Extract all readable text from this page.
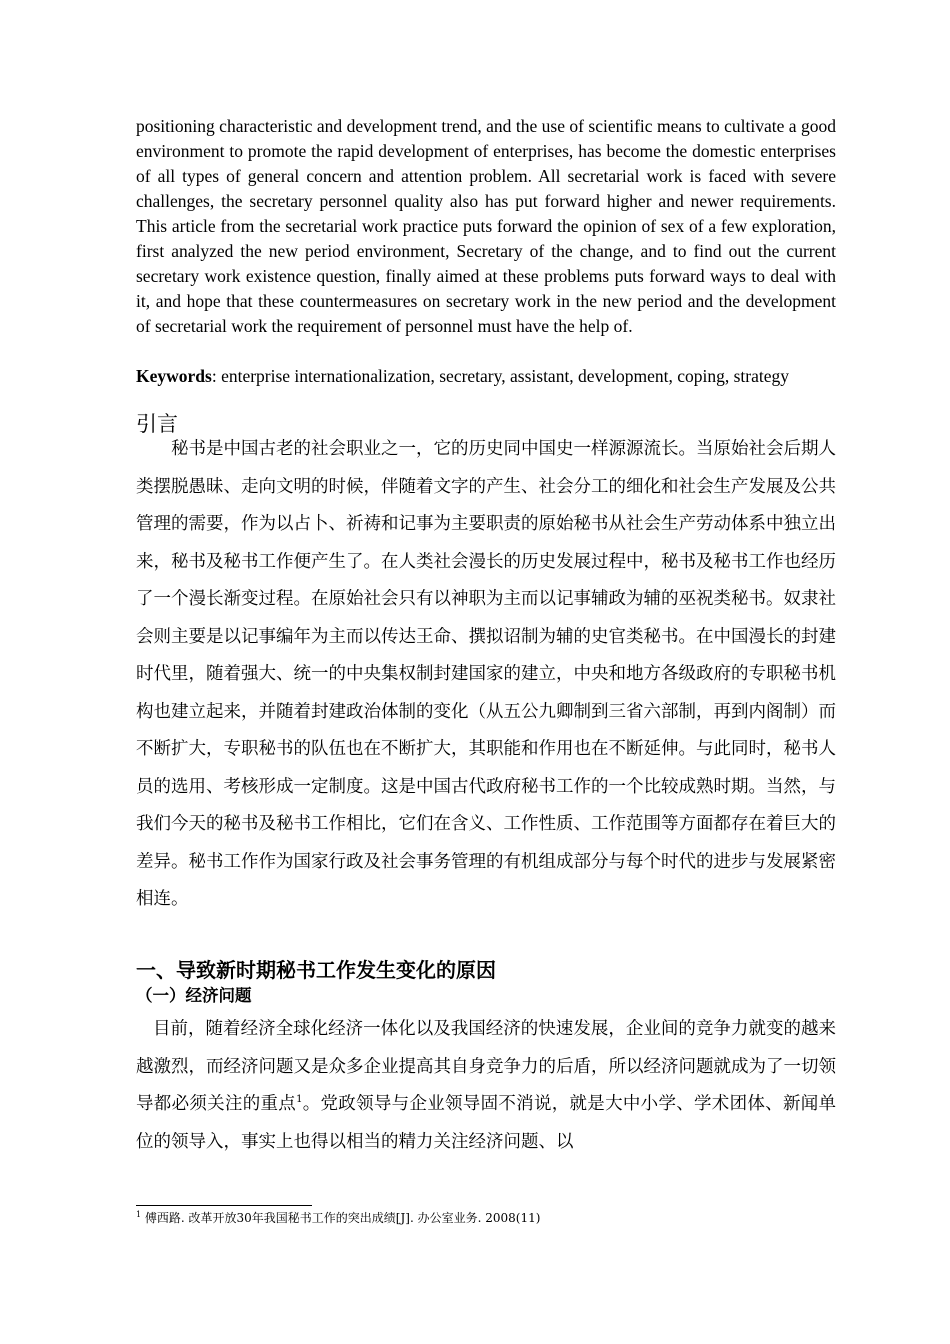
positioning characteristic and development trend, and the use of scientific means to cultivate a good environment to promote the rapid development of enterprises, has become the domestic enterprises of all types of general concern and attention problem. All secretarial work is faced with severe challenges, the secretary personnel quality also has put forward higher and newer requirements. This article from the secretarial work practice puts forward the opinion of sex of a few exploration, first analyzed the new period environment, Secretary of the change, and to find out the current secretary work existence question, finally aimed at these problems puts forward ways to deal with it, and hope that these countermeasures on secretary work in the new period and the development of secretarial work the requirement of personnel must have the help of.

Keywords: enterprise internationalization, secretary, assistant, development, coping, strategy

引言

秘书是中国古老的社会职业之一，它的历史同中国史一样源源流长。当原始社会后期人类摆脱愚昧、走向文明的时候，伴随着文字的产生、社会分工的细化和社会生产发展及公共管理的需要，作为以占卜、祈祷和记事为主要职责的原始秘书从社会生产劳动体系中独立出来，秘书及秘书工作便产生了。在人类社会漫长的历史发展过程中，秘书及秘书工作也经历了一个漫长渐变过程。在原始社会只有以神职为主而以记事辅政为辅的巫祝类秘书。奴隶社会则主要是以记事编年为主而以传达王命、撰拟诏制为辅的史官类秘书。在中国漫长的封建时代里，随着强大、统一的中央集权制封建国家的建立，中央和地方各级政府的专职秘书机构也建立起来，并随着封建政治体制的变化（从五公九卿制到三省六部制，再到内阁制）而不断扩大，专职秘书的队伍也在不断扩大，其职能和作用也在不断延伸。与此同时，秘书人员的选用、考核形成一定制度。这是中国古代政府秘书工作的一个比较成熟时期。当然，与我们今天的秘书及秘书工作相比，它们在含义、工作性质、工作范围等方面都存在着巨大的差异。秘书工作作为国家行政及社会事务管理的有机组成部分与每个时代的进步与发展紧密相连。

一、导致新时期秘书工作发生变化的原因
（一）经济问题

目前，随着经济全球化经济一体化以及我国经济的快速发展，企业间的竞争力就变的越来越激烈，而经济问题又是众多企业提高其自身竞争力的后盾，所以经济问题就成为了一切领导都必须关注的重点$^1$。党政领导与企业领导固不消说，就是大中小学、学术团体、新闻单位的领导入，事实上也得以相当的精力关注经济问题、以

$^1$ 傅西路. 改革开放30年我国秘书工作的突出成绩[J]. 办公室业务. 2008(11)
